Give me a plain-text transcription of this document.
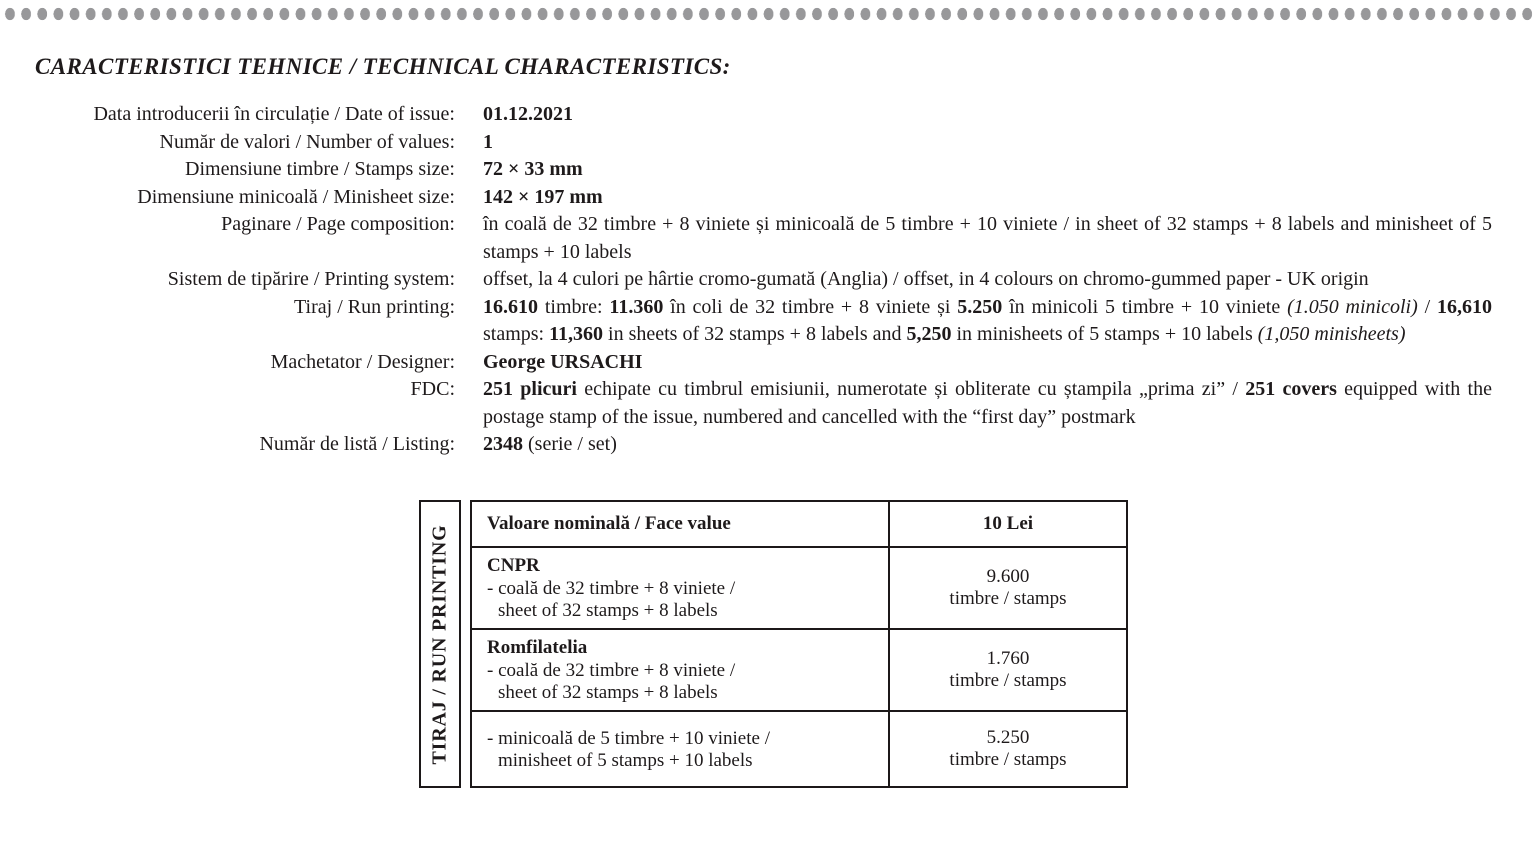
CARACTERISTICI TEHNICE / TECHNICAL CHARACTERISTICS:
Data introducerii în circulație / Date of issue: 01.12.2021
Număr de valori / Number of values: 1
Dimensiune timbre / Stamps size: 72 × 33 mm
Dimensiune minicoală / Minisheet size: 142 × 197 mm
Paginare / Page composition: în coală de 32 timbre + 8 viniete și minicoală de 5 timbre + 10 viniete / in sheet of 32 stamps + 8 labels and minisheet of 5 stamps + 10 labels
Sistem de tipărire / Printing system: offset, la 4 culori pe hârtie cromo-gumată (Anglia) / offset, in 4 colours on chromo-gummed paper - UK origin
Tiraj / Run printing: 16.610 timbre: 11.360 în coli de 32 timbre + 8 viniete și 5.250 în minicoli 5 timbre + 10 viniete (1.050 minicoli) / 16,610 stamps: 11,360 in sheets of 32 stamps + 8 labels and 5,250 in minisheets of 5 stamps + 10 labels (1,050 minisheets)
Machetator / Designer: George URSACHI
FDC: 251 plicuri echipate cu timbrul emisiunii, numerotate și obliterate cu ștampila „prima zi” / 251 covers equipped with the postage stamp of the issue, numbered and cancelled with the “first day” postmark
Număr de listă / Listing: 2348 (serie / set)
TIRAJ / RUN PRINTING
Valoare nominală / Face value	10 Lei
CNPR
- coală de 32 timbre + 8 viniete /
sheet of 32 stamps + 8 labels
9.600
timbre / stamps
Romfilatelia
- coală de 32 timbre + 8 viniete /
sheet of 32 stamps + 8 labels
1.760
timbre / stamps
- minicoală de 5 timbre + 10 viniete /
minisheet of 5 stamps + 10 labels
5.250
timbre / stamps
